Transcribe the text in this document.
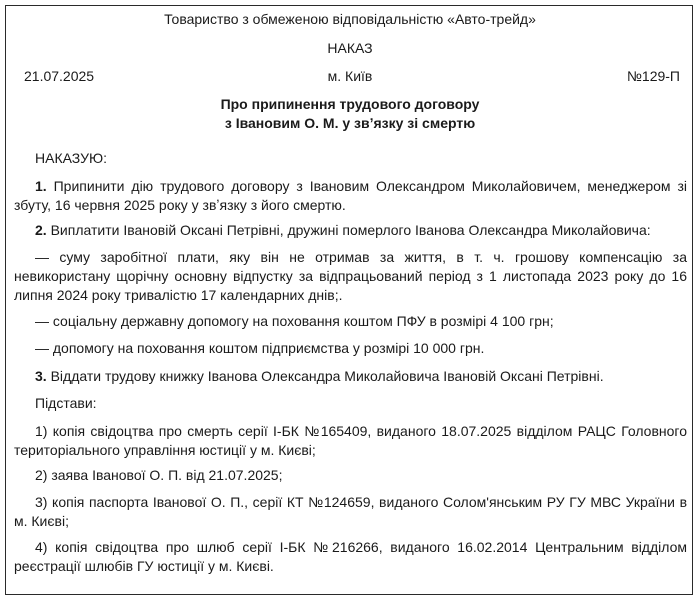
Товариство з обмеженою відповідальністю «Авто-трейд»
НАКАЗ
21.07.2025	м. Київ	№129-П
Про припинення трудового договору
з Івановим О. М. у звʼязку зі смертю
НАКАЗУЮ:
1. Припинити дію трудового договору з Івановим Олександром Миколайовичем, менеджером зі збуту, 16 червня 2025 року у звʼязку з його смертю.
2. Виплатити Івановій Оксані Петрівні, дружині померлого Іванова Олександра Миколайовича:
— суму заробітної плати, яку він не отримав за життя, в т. ч. грошову компенсацію за невикористану щорічну основну відпустку за відпрацьований період з 1 листопада 2023 року до 16 липня 2024 року тривалістю 17 календарних днів;.
— соціальну державну допомогу на поховання коштом ПФУ в розмірі 4 100 грн;
— допомогу на поховання коштом підприємства у розмірі 10 000 грн.
3. Віддати трудову книжку Іванова Олександра Миколайовича Івановій Оксані Петрівні.
Підстави:
1) копія свідоцтва про смерть серії І-БК №165409, виданого 18.07.2025 відділом РАЦС Головного територіального управління юстиції у м. Києві;
2) заява Іванової О. П. від 21.07.2025;
3) копія паспорта Іванової О. П., серії КТ №124659, виданого Солом'янським РУ ГУ МВС України в м. Києві;
4) копія свідоцтва про шлюб серії І-БК №216266, виданого 16.02.2014 Центральним відділом реєстрації шлюбів ГУ юстиції у м. Києві.
